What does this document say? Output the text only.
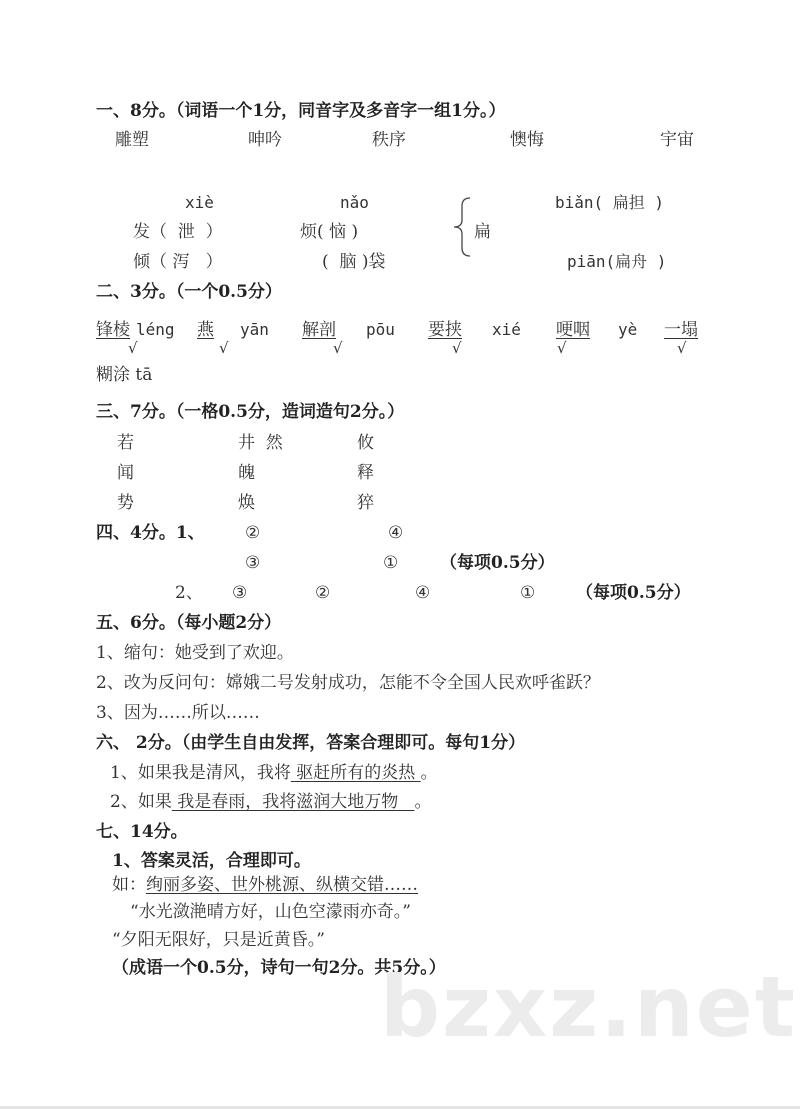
一、8分。（词语一个1分，同音字及多音字一组1分。）
雕塑	呻吟	秩序	懊悔	宇宙
xiè	nǎo
发（  泄  ）	烦( 恼 )
倾（ 泻   ）	(  脑 )袋
扁
biǎn( 扁担 )
piān(扁舟 )
二、3分。（一个0.5分）
锋棱 léng 燕 yān 解剖 pōu 要挟 xié 哽咽 yè 一塌
√	√	√	√	√	√
糊涂 tā
三、7分。（一格0.5分，造词造句2分。）
若	井  然	攸
闻	魄	释
势	焕	猝
四、4分。1、 ②	④
③	① （每项0.5分）
2、 ③	②	④	① （每项0.5分）
五、6分。（每小题2分）
1、缩句：她受到了欢迎。
2、改为反问句：嫦娥二号发射成功，怎能不令全国人民欢呼雀跃？
3、因为……所以……
六、 2分。（由学生自由发挥，答案合理即可。每句1分）
1、如果我是清风，我将 驱赶所有的炎热 。
2、如果 我是春雨，我将滋润大地万物   。
七、14分。
1、答案灵活，合理即可。
如：绚丽多姿、世外桃源、纵横交错……
“水光潋滟晴方好，山色空濛雨亦奇。”
“夕阳无限好，只是近黄昏。”
（成语一个0.5分，诗句一句2分。共5分。）
bzxz.net
